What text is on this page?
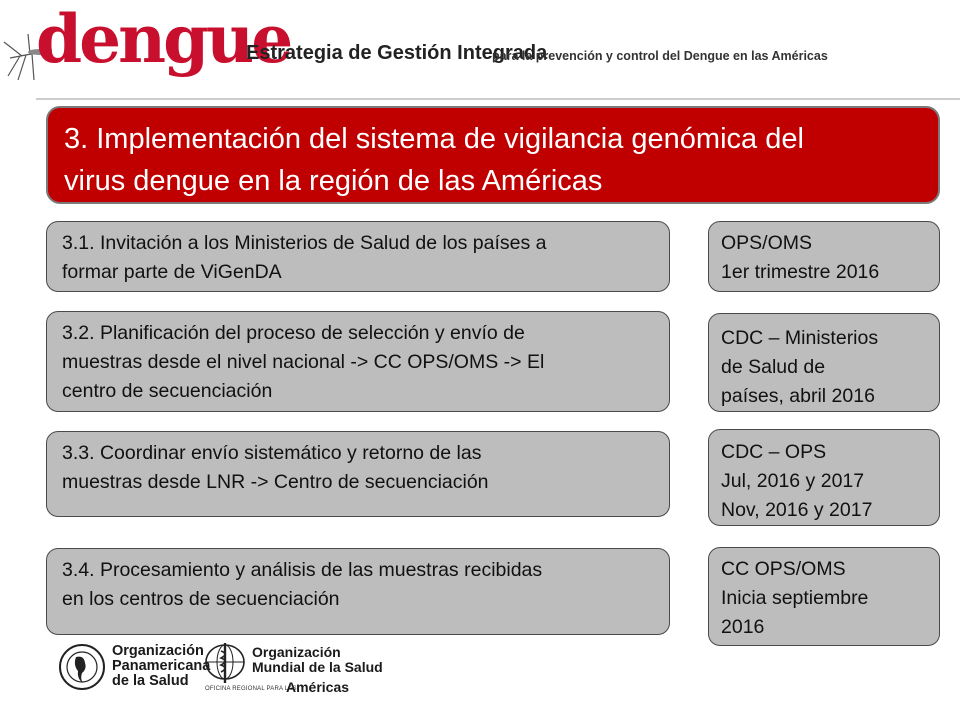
dengue
Estrategia de Gestión Integrada
para la prevención y control del Dengue en las Américas
3. Implementación del sistema de vigilancia genómica del
virus dengue en la región de las Américas
3.1. Invitación a los Ministerios de Salud de los países a
formar parte de ViGenDA
3.2. Planificación del proceso de selección y envío de
muestras desde el nivel nacional -> CC OPS/OMS -> El
centro de secuenciación
3.3. Coordinar envío sistemático y retorno de las
muestras desde LNR -> Centro de secuenciación
3.4. Procesamiento y análisis de las muestras recibidas
en los centros de secuenciación
OPS/OMS
1er trimestre 2016
CDC – Ministerios
de Salud de
países, abril 2016
CDC – OPS
Jul, 2016 y 2017
Nov, 2016 y 2017
CC OPS/OMS
Inicia septiembre
2016
Organización
Panamericana
de la Salud
Organización
Mundial de la Salud
OFICINA REGIONAL PARA LAS
Américas
